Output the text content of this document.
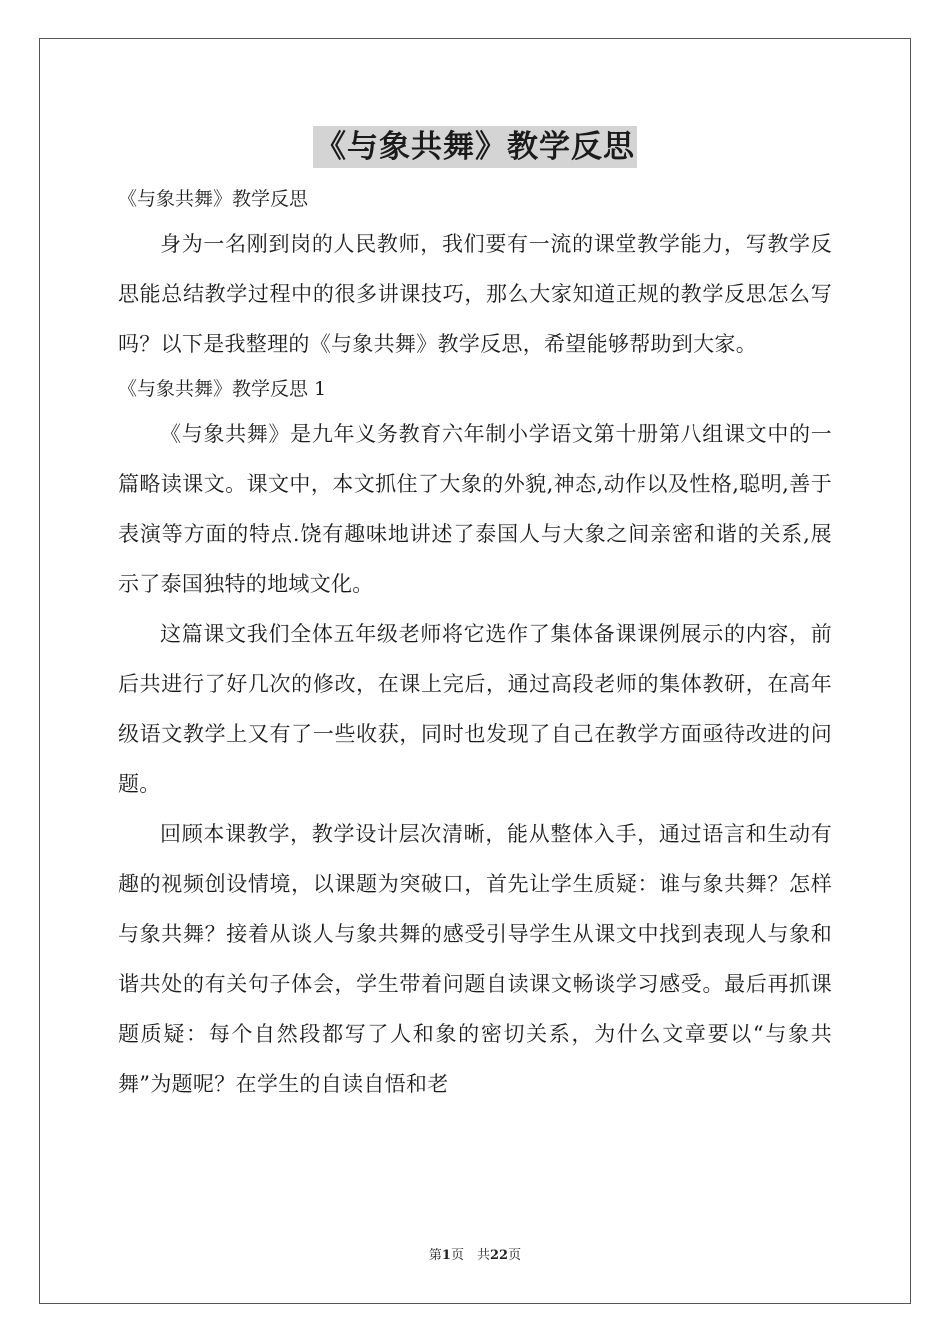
《与象共舞》教学反思

《与象共舞》教学反思

身为一名刚到岗的人民教师，我们要有一流的课堂教学能力，写教学反思能总结教学过程中的很多讲课技巧，那么大家知道正规的教学反思怎么写吗？以下是我整理的《与象共舞》教学反思，希望能够帮助到大家。

《与象共舞》教学反思 1

《与象共舞》是九年义务教育六年制小学语文第十册第八组课文中的一篇略读课文。课文中，本文抓住了大象的外貌,神态,动作以及性格,聪明,善于表演等方面的特点.饶有趣味地讲述了泰国人与大象之间亲密和谐的关系,展示了泰国独特的地域文化。

这篇课文我们全体五年级老师将它选作了集体备课课例展示的内容，前后共进行了好几次的修改，在课上完后，通过高段老师的集体教研，在高年级语文教学上又有了一些收获，同时也发现了自己在教学方面亟待改进的问题。

回顾本课教学，教学设计层次清晰，能从整体入手，通过语言和生动有趣的视频创设情境，以课题为突破口，首先让学生质疑：谁与象共舞？怎样与象共舞？接着从谈人与象共舞的感受引导学生从课文中找到表现人与象和谐共处的有关句子体会，学生带着问题自读课文畅谈学习感受。最后再抓课题质疑：每个自然段都写了人和象的密切关系，为什么文章要以“与象共舞”为题呢？在学生的自读自悟和老

第1页　共22页
